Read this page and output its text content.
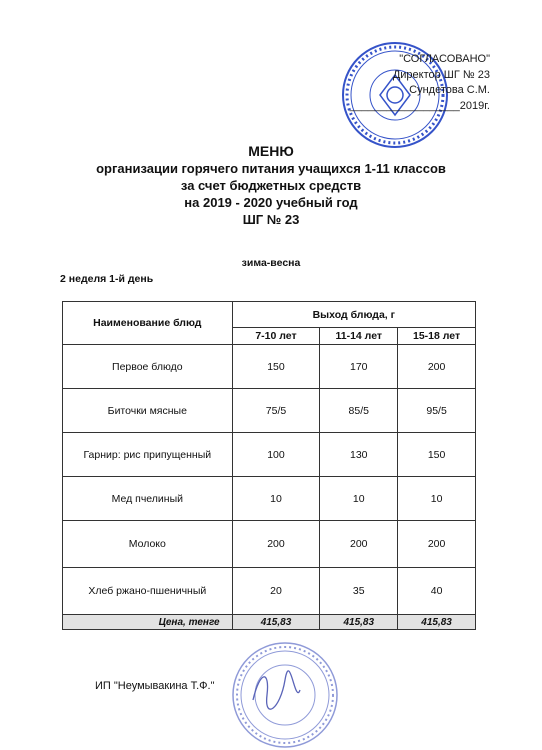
"СОГЛАСОВАНО"
Директор ШГ № 23
Сундетова С.М.
__________________2019г.
МЕНЮ
организации горячего питания учащихся 1-11 классов
за счет бюджетных средств
на 2019 - 2020 учебный год
ШГ № 23
зима-весна
2 неделя 1-й день
Наименование блюд	Выход блюда, г		
	7-10 лет	11-14 лет	15-18 лет
Первое блюдо	150	170	200
Биточки мясные	75/5	85/5	95/5
Гарнир: рис припущенный	100	130	150
Мед пчелиный	10	10	10
Молоко	200	200	200
Хлеб ржано-пшеничный	20	35	40
Цена, тенге	415,83	415,83	415,83
ИП "Неумывакина Т.Ф."
